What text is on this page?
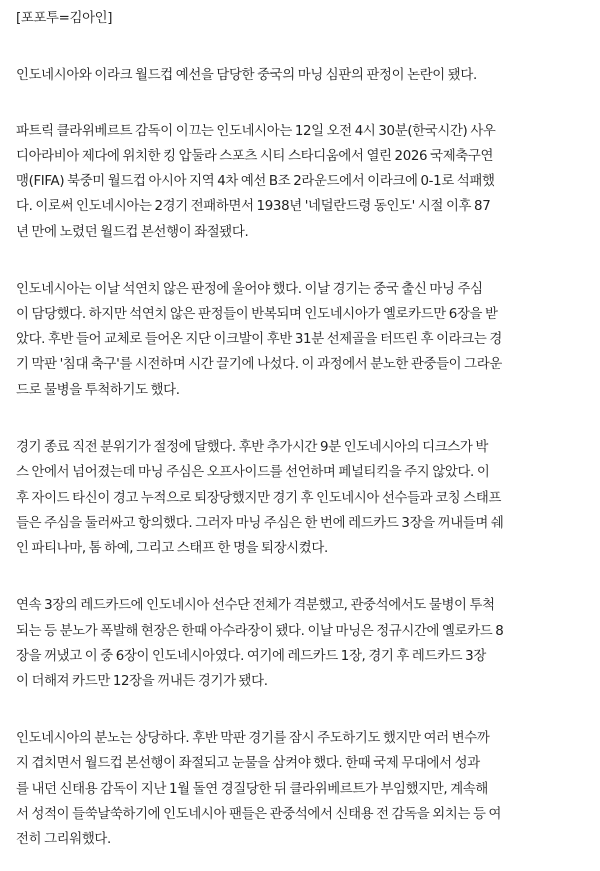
[포포투=김아인]
인도네시아와 이라크 월드컵 예선을 담당한 중국의 마닝 심판의 판정이 논란이 됐다.
파트릭 클라위베르트 감독이 이끄는 인도네시아는 12일 오전 4시 30분(한국시간) 사우
디아라비아 제다에 위치한 킹 압둘라 스포츠 시티 스타디움에서 열린 2026 국제축구연
맹(FIFA) 북중미 월드컵 아시아 지역 4차 예선 B조 2라운드에서 이라크에 0-1로 석패했
다. 이로써 인도네시아는 2경기 전패하면서 1938년 '네덜란드령 동인도' 시절 이후 87
년 만에 노렸던 월드컵 본선행이 좌절됐다.
인도네시아는 이날 석연치 않은 판정에 울어야 했다. 이날 경기는 중국 출신 마닝 주심
이 담당했다. 하지만 석연치 않은 판정들이 반복되며 인도네시아가 옐로카드만 6장을 받
았다. 후반 들어 교체로 들어온 지단 이크발이 후반 31분 선제골을 터뜨린 후 이라크는 경
기 막판 '침대 축구'를 시전하며 시간 끌기에 나섰다. 이 과정에서 분노한 관중들이 그라운
드로 물병을 투척하기도 했다.
경기 종료 직전 분위기가 절정에 달했다. 후반 추가시간 9분 인도네시아의 디크스가 박
스 안에서 넘어졌는데 마닝 주심은 오프사이드를 선언하며 페널티킥을 주지 않았다. 이
후 자이드 타신이 경고 누적으로 퇴장당했지만 경기 후 인도네시아 선수들과 코칭 스태프
들은 주심을 둘러싸고 항의했다. 그러자 마닝 주심은 한 번에 레드카드 3장을 꺼내들며 쉐
인 파티나마, 톰 하예, 그리고 스태프 한 명을 퇴장시켰다.
연속 3장의 레드카드에 인도네시아 선수단 전체가 격분했고, 관중석에서도 물병이 투척
되는 등 분노가 폭발해 현장은 한때 아수라장이 됐다. 이날 마닝은 정규시간에 옐로카드 8
장을 꺼냈고 이 중 6장이 인도네시아였다. 여기에 레드카드 1장, 경기 후 레드카드 3장
이 더해져 카드만 12장을 꺼내든 경기가 됐다.
인도네시아의 분노는 상당하다. 후반 막판 경기를 잠시 주도하기도 했지만 여러 변수까
지 겹치면서 월드컵 본선행이 좌절되고 눈물을 삼켜야 했다. 한때 국제 무대에서 성과
를 내던 신태용 감독이 지난 1월 돌연 경질당한 뒤 클라위베르트가 부임했지만, 계속해
서 성적이 들쑥날쑥하기에 인도네시아 팬들은 관중석에서 신태용 전 감독을 외치는 등 여
전히 그리워했다.
